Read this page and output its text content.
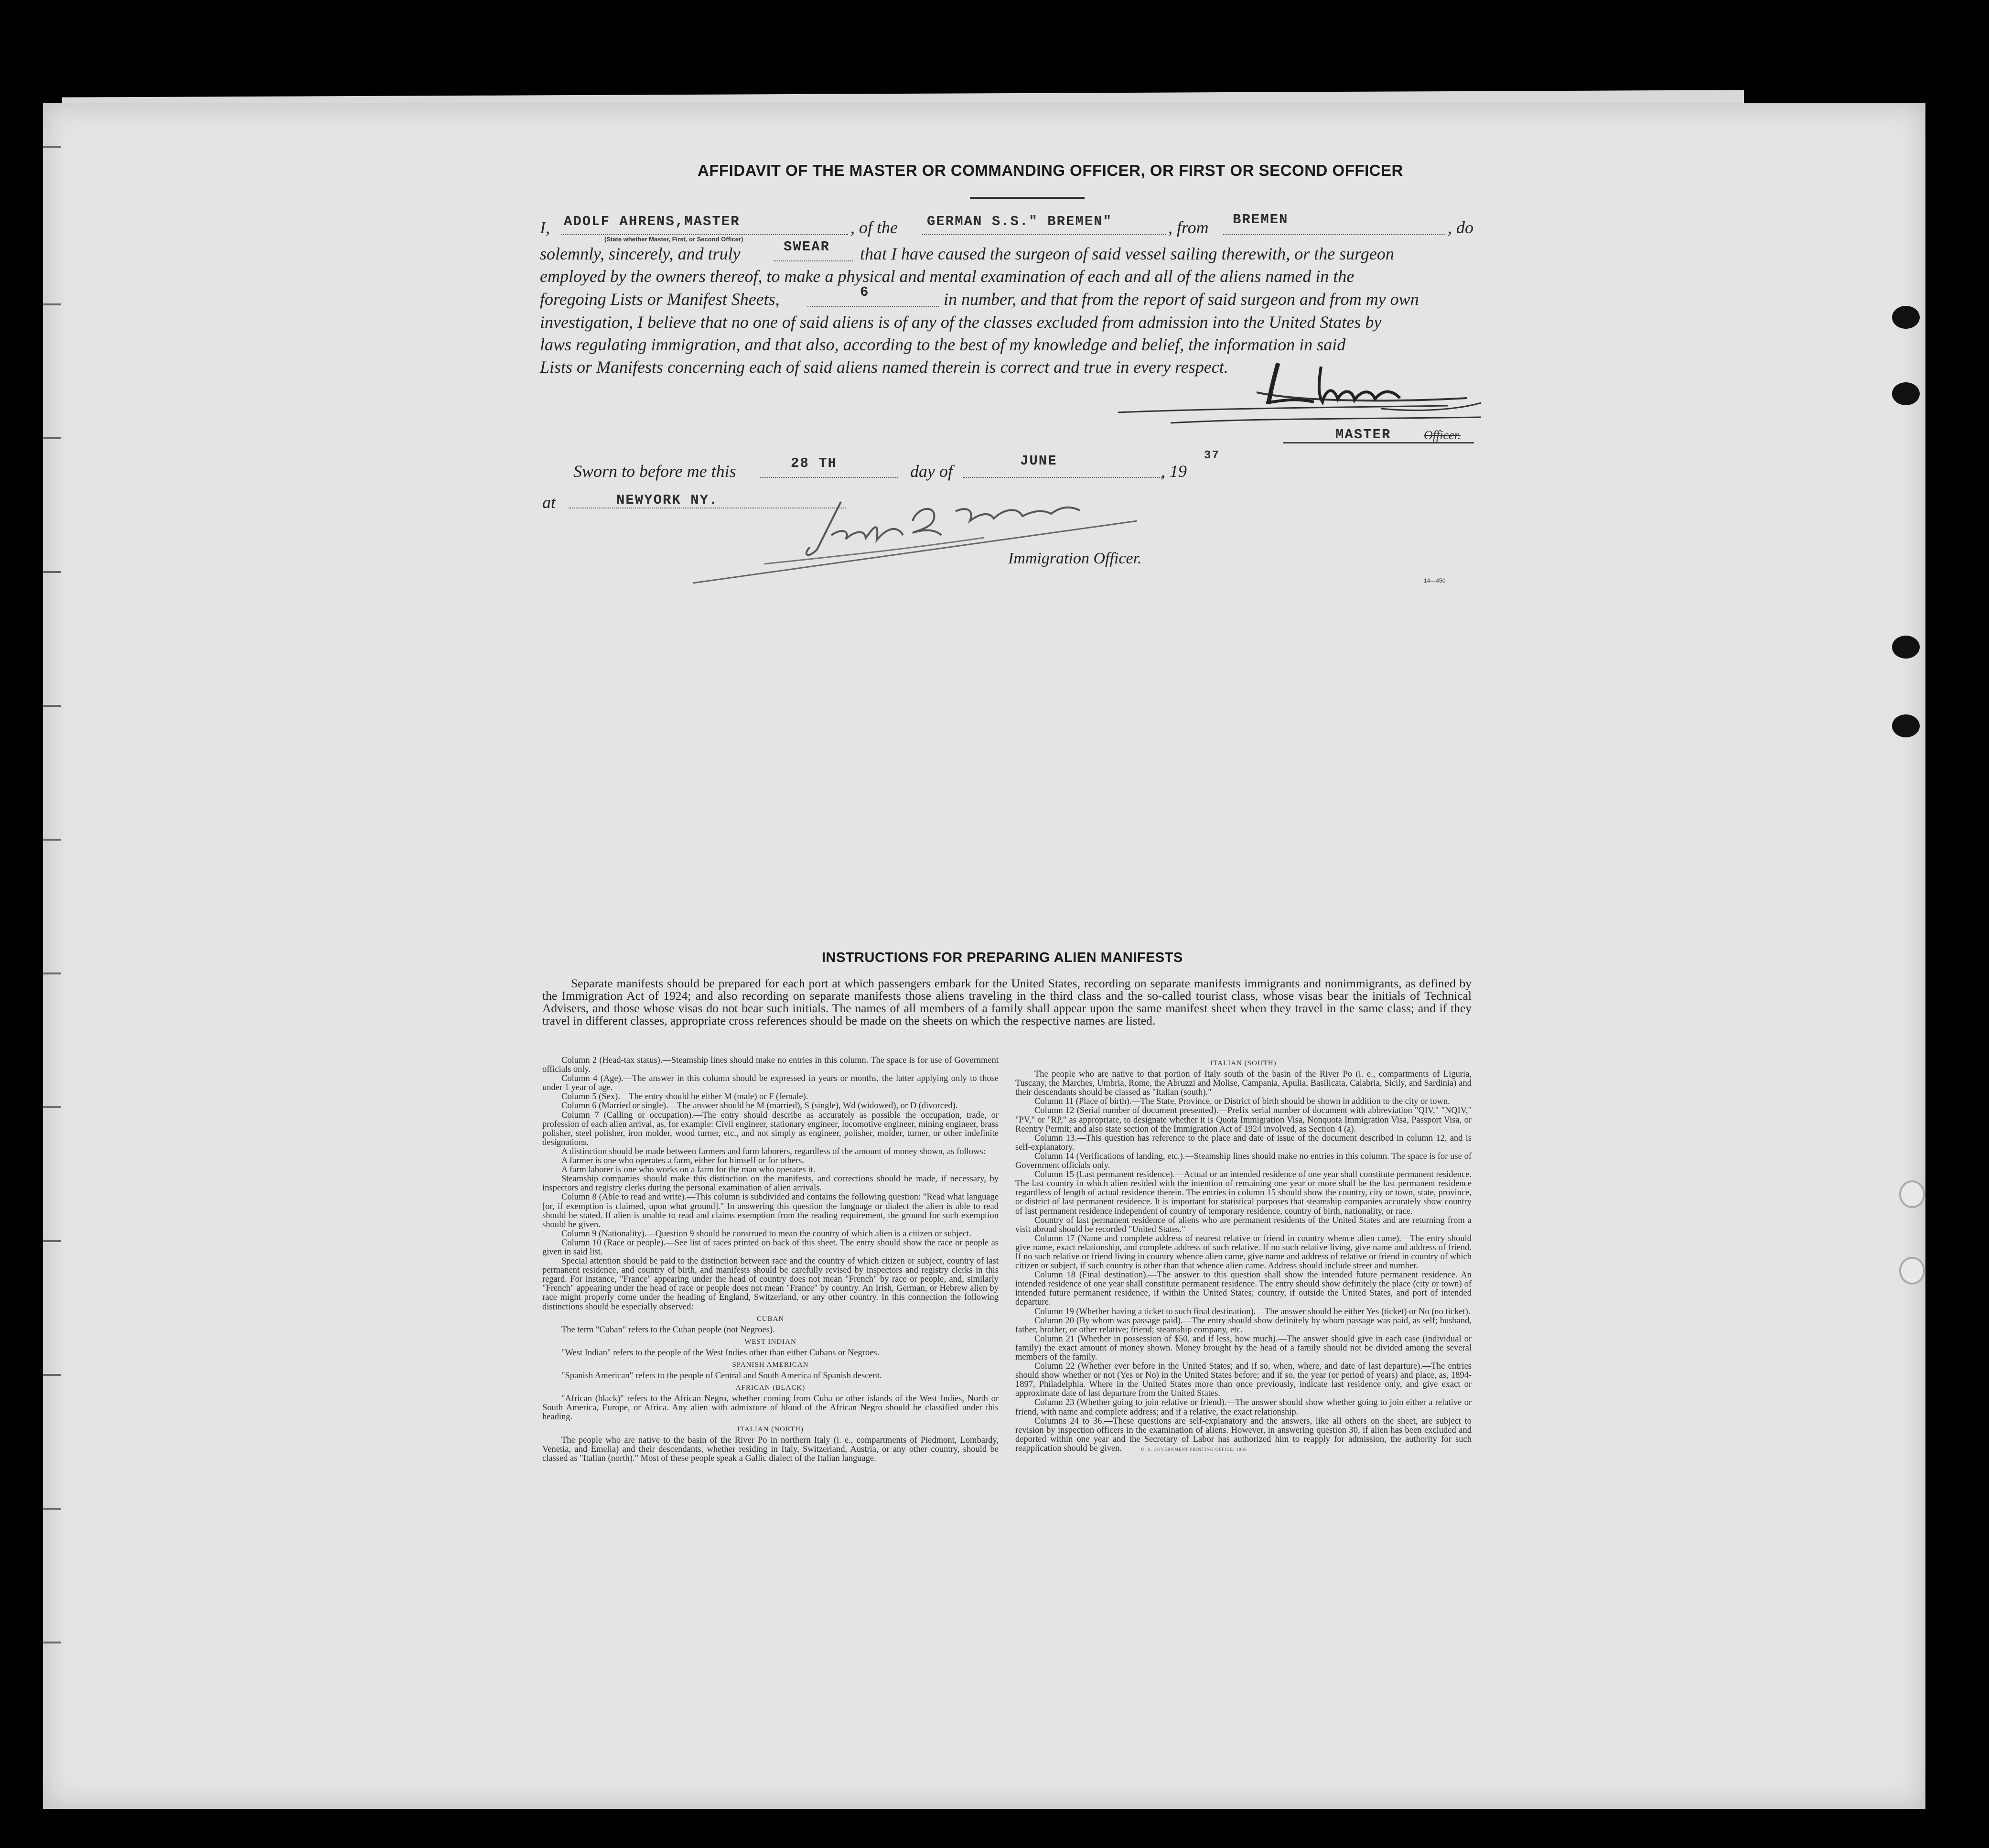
AFFIDAVIT OF THE MASTER OR COMMANDING OFFICER, OR FIRST OR SECOND OFFICER
I, ADOLF AHRENS,MASTER
(State whether Master, First, or Second Officer)
, of the GERMAN S.S." BREMEN"	, from BREMEN	, do
solemnly, sincerely, and truly	SWEAR that I have caused the surgeon of said vessel sailing therewith, or the surgeon
employed by the owners thereof, to make a physical and mental examination of each and all of the aliens named in the
foregoing Lists or Manifest Sheets,	6	in number, and that from the report of said surgeon and from my own
investigation, I believe that no one of said aliens is of any of the classes excluded from admission into the United States by
laws regulating immigration, and that also, according to the best of my knowledge and belief, the information in said
Lists or Manifests concerning each of said aliens named therein is correct and true in every respect.
MASTER	Officer.
Sworn to before me this	28 TH	day of
JUNE
, 19
37
at	NEWYORK NY.
Immigration Officer.
14—450
INSTRUCTIONS FOR PREPARING ALIEN MANIFESTS
Separate manifests should be prepared for each port at which passengers embark for the United States, recording on separate manifests immigrants and nonimmigrants, as defined by the Immigration Act of 1924; and also recording on separate manifests those aliens traveling in the third class and the so-called tourist class, whose visas bear the initials of Technical Advisers, and those whose visas do not bear such initials. The names of all members of a family shall appear upon the same manifest sheet when they travel in the same class; and if they travel in different classes, appropriate cross references should be made on the sheets on which the respective names are listed.

Column 2 (Head-tax status).—Steamship lines should make no entries in this column. The space is for use of Government officials only.

Column 4 (Age).—The answer in this column should be expressed in years or months, the latter applying only to those under 1 year of age.

Column 5 (Sex).—The entry should be either M (male) or F (female).

Column 6 (Married or single).—The answer should be M (married), S (single), Wd (widowed), or D (divorced).

Column 7 (Calling or occupation).—The entry should describe as accurately as possible the occupation, trade, or profession of each alien arrival, as, for example: Civil engineer, stationary engineer, locomotive engineer, mining engineer, brass polisher, steel polisher, iron molder, wood turner, etc., and not simply as engineer, polisher, molder, turner, or other indefinite designations.

A distinction should be made between farmers and farm laborers, regardless of the amount of money shown, as follows:

A farmer is one who operates a farm, either for himself or for others.

A farm laborer is one who works on a farm for the man who operates it.

Steamship companies should make this distinction on the manifests, and corrections should be made, if necessary, by inspectors and registry clerks during the personal examination of alien arrivals.

Column 8 (Able to read and write).—This column is subdivided and contains the following question: "Read what language [or, if exemption is claimed, upon what ground]." In answering this question the language or dialect the alien is able to read should be stated. If alien is unable to read and claims exemption from the reading requirement, the ground for such exemption should be given.

Column 9 (Nationality).—Question 9 should be construed to mean the country of which alien is a citizen or subject.

Column 10 (Race or people).—See list of races printed on back of this sheet. The entry should show the race or people as given in said list.

Special attention should be paid to the distinction between race and the country of which citizen or subject, country of last permanent residence, and country of birth, and manifests should be carefully revised by inspectors and registry clerks in this regard. For instance, "France" appearing under the head of country does not mean "French" by race or people, and, similarly "French" appearing under the head of race or people does not mean "France" by country. An Irish, German, or Hebrew alien by race might properly come under the heading of England, Switzerland, or any other country. In this connection the following distinctions should be especially observed:

CUBAN

The term "Cuban" refers to the Cuban people (not Negroes).

WEST INDIAN

"West Indian" refers to the people of the West Indies other than either Cubans or Negroes.

SPANISH AMERICAN

"Spanish American" refers to the people of Central and South America of Spanish descent.

AFRICAN (BLACK)

"African (black)" refers to the African Negro, whether coming from Cuba or other islands of the West Indies, North or South America, Europe, or Africa. Any alien with admixture of blood of the African Negro should be classified under this heading.

ITALIAN (NORTH)

The people who are native to the basin of the River Po in northern Italy (i. e., compartments of Piedmont, Lombardy, Venetia, and Emelia) and their descendants, whether residing in Italy, Switzerland, Austria, or any other country, should be classed as "Italian (north)." Most of these people speak a Gallic dialect of the Italian language.

ITALIAN (SOUTH)

The people who are native to that portion of Italy south of the basin of the River Po (i. e., compartments of Liguria, Tuscany, the Marches, Umbria, Rome, the Abruzzi and Molise, Campania, Apulia, Basilicata, Calabria, Sicily, and Sardinia) and their descendants should be classed as "Italian (south)."

Column 11 (Place of birth).—The State, Province, or District of birth should be shown in addition to the city or town.

Column 12 (Serial number of document presented).—Prefix serial number of document with abbreviation "QIV," "NQIV," "PV," or "RP," as appropriate, to designate whether it is Quota Immigration Visa, Nonquota Immigration Visa, Passport Visa, or Reentry Permit; and also state section of the Immigration Act of 1924 involved, as Section 4 (a).

Column 13.—This question has reference to the place and date of issue of the document described in column 12, and is self-explanatory.

Column 14 (Verifications of landing, etc.).—Steamship lines should make no entries in this column. The space is for use of Government officials only.

Column 15 (Last permanent residence).—Actual or an intended residence of one year shall constitute permanent residence. The last country in which alien resided with the intention of remaining one year or more shall be the last permanent residence regardless of length of actual residence therein. The entries in column 15 should show the country, city or town, state, province, or district of last permanent residence. It is important for statistical purposes that steamship companies accurately show country of last permanent residence independent of country of temporary residence, country of birth, nationality, or race.

Country of last permanent residence of aliens who are permanent residents of the United States and are returning from a visit abroad should be recorded "United States."

Column 17 (Name and complete address of nearest relative or friend in country whence alien came).—The entry should give name, exact relationship, and complete address of such relative. If no such relative living, give name and address of friend. If no such relative or friend living in country whence alien came, give name and address of relative or friend in country of which citizen or subject, if such country is other than that whence alien came. Address should include street and number.

Column 18 (Final destination).—The answer to this question shall show the intended future permanent residence. An intended residence of one year shall constitute permanent residence. The entry should show definitely the place (city or town) of intended future permanent residence, if within the United States; country, if outside the United States, and port of intended departure.

Column 19 (Whether having a ticket to such final destination).—The answer should be either Yes (ticket) or No (no ticket).

Column 20 (By whom was passage paid).—The entry should show definitely by whom passage was paid, as self; husband, father, brother, or other relative; friend; steamship company, etc.

Column 21 (Whether in possession of $50, and if less, how much).—The answer should give in each case (individual or family) the exact amount of money shown. Money brought by the head of a family should not be divided among the several members of the family.

Column 22 (Whether ever before in the United States; and if so, when, where, and date of last departure).—The entries should show whether or not (Yes or No) in the United States before; and if so, the year (or period of years) and place, as, 1894-1897, Philadelphia. Where in the United States more than once previously, indicate last residence only, and give exact or approximate date of last departure from the United States.

Column 23 (Whether going to join relative or friend).—The answer should show whether going to join either a relative or friend, with name and complete address; and if a relative, the exact relationship.

Columns 24 to 36.—These questions are self-explanatory and the answers, like all others on the sheet, are subject to revision by inspection officers in the examination of aliens. However, in answering question 30, if alien has been excluded and deported within one year and the Secretary of Labor has authorized him to reapply for admission, the authority for such reapplication should be given.	U. S. GOVERNMENT PRINTING OFFICE: 1936
